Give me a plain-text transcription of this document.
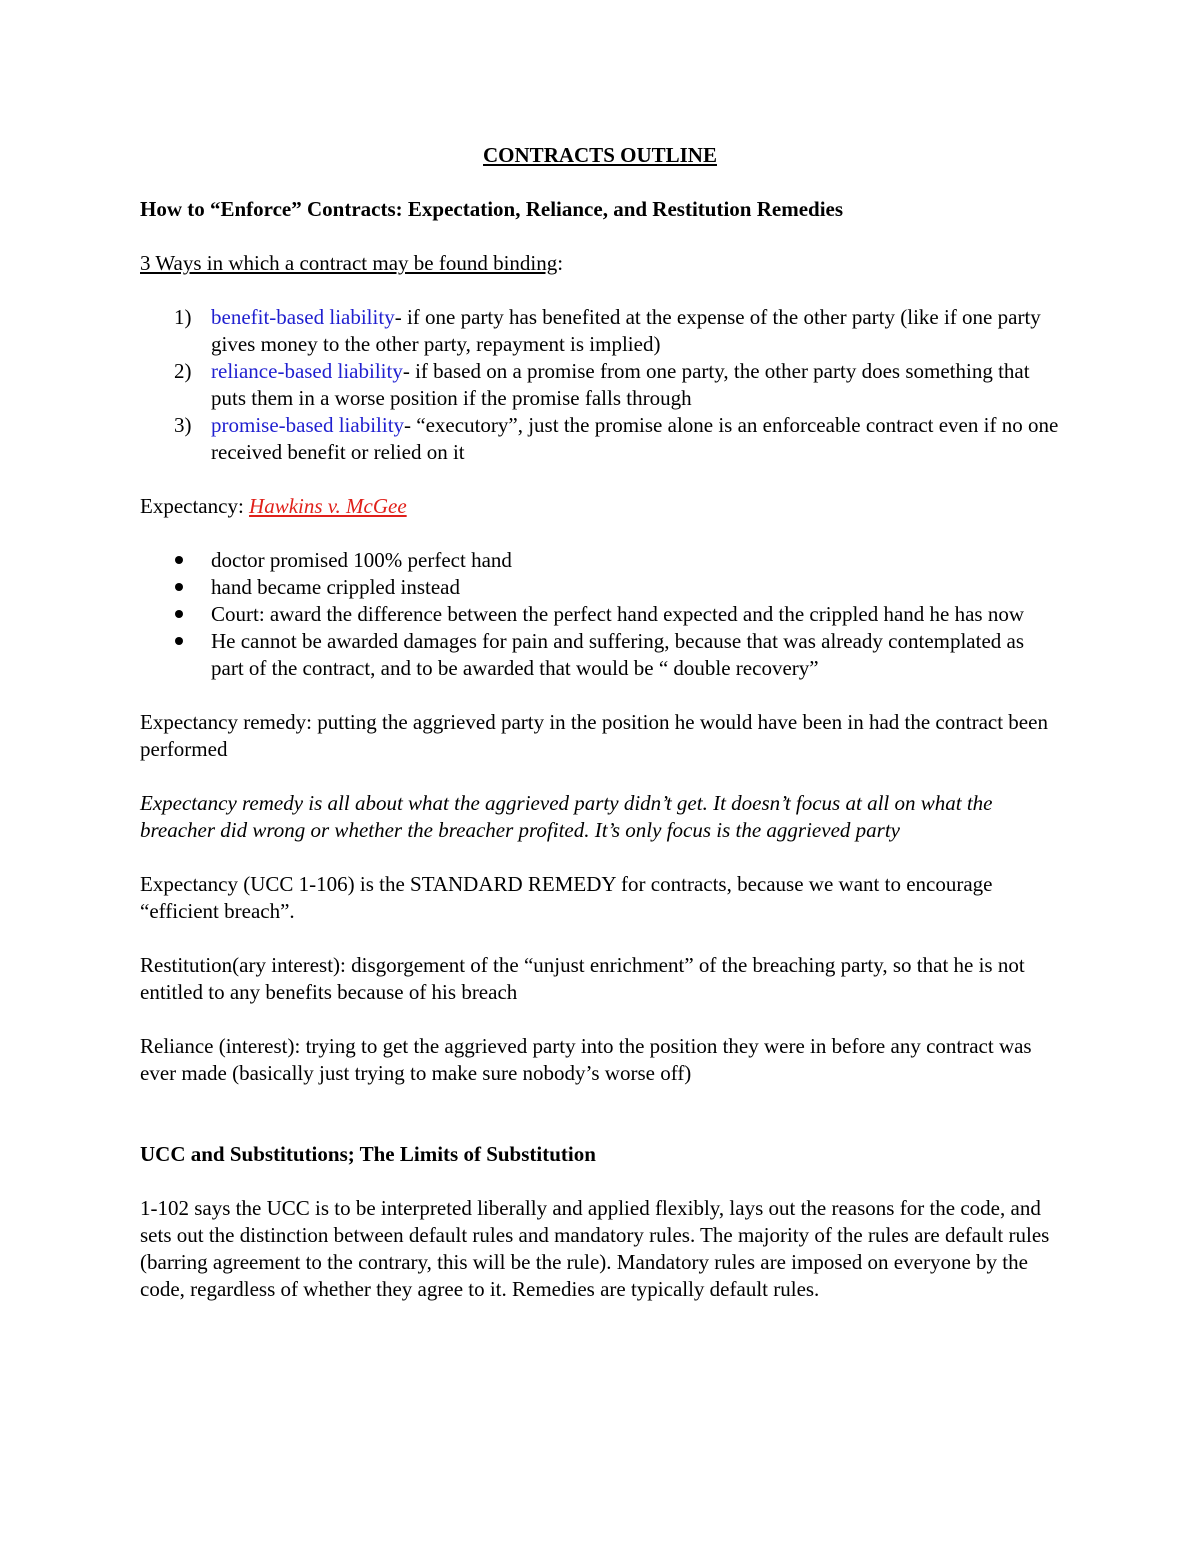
CONTRACTS OUTLINE

How to “Enforce” Contracts: Expectation, Reliance, and Restitution Remedies

3 Ways in which a contract may be found binding:

1) benefit-based liability- if one party has benefited at the expense of the other party (like if one party gives money to the other party, repayment is implied)
2) reliance-based liability- if based on a promise from one party, the other party does something that puts them in a worse position if the promise falls through
3) promise-based liability- “executory”, just the promise alone is an enforceable contract even if no one received benefit or relied on it

Expectancy: Hawkins v. McGee

doctor promised 100% perfect hand
hand became crippled instead
Court: award the difference between the perfect hand expected and the crippled hand he has now
He cannot be awarded damages for pain and suffering, because that was already contemplated as part of the contract, and to be awarded that would be “ double recovery”

Expectancy remedy: putting the aggrieved party in the position he would have been in had the contract been performed

Expectancy remedy is all about what the aggrieved party didn’t get. It doesn’t focus at all on what the breacher did wrong or whether the breacher profited. It’s only focus is the aggrieved party

Expectancy (UCC 1-106) is the STANDARD REMEDY for contracts, because we want to encourage “efficient breach”.

Restitution(ary interest): disgorgement of the “unjust enrichment” of the breaching party, so that he is not entitled to any benefits because of his breach

Reliance (interest): trying to get the aggrieved party into the position they were in before any contract was ever made (basically just trying to make sure nobody’s worse off)

UCC and Substitutions; The Limits of Substitution

1-102 says the UCC is to be interpreted liberally and applied flexibly, lays out the reasons for the code, and sets out the distinction between default rules and mandatory rules. The majority of the rules are default rules (barring agreement to the contrary, this will be the rule). Mandatory rules are imposed on everyone by the code, regardless of whether they agree to it. Remedies are typically default rules.
